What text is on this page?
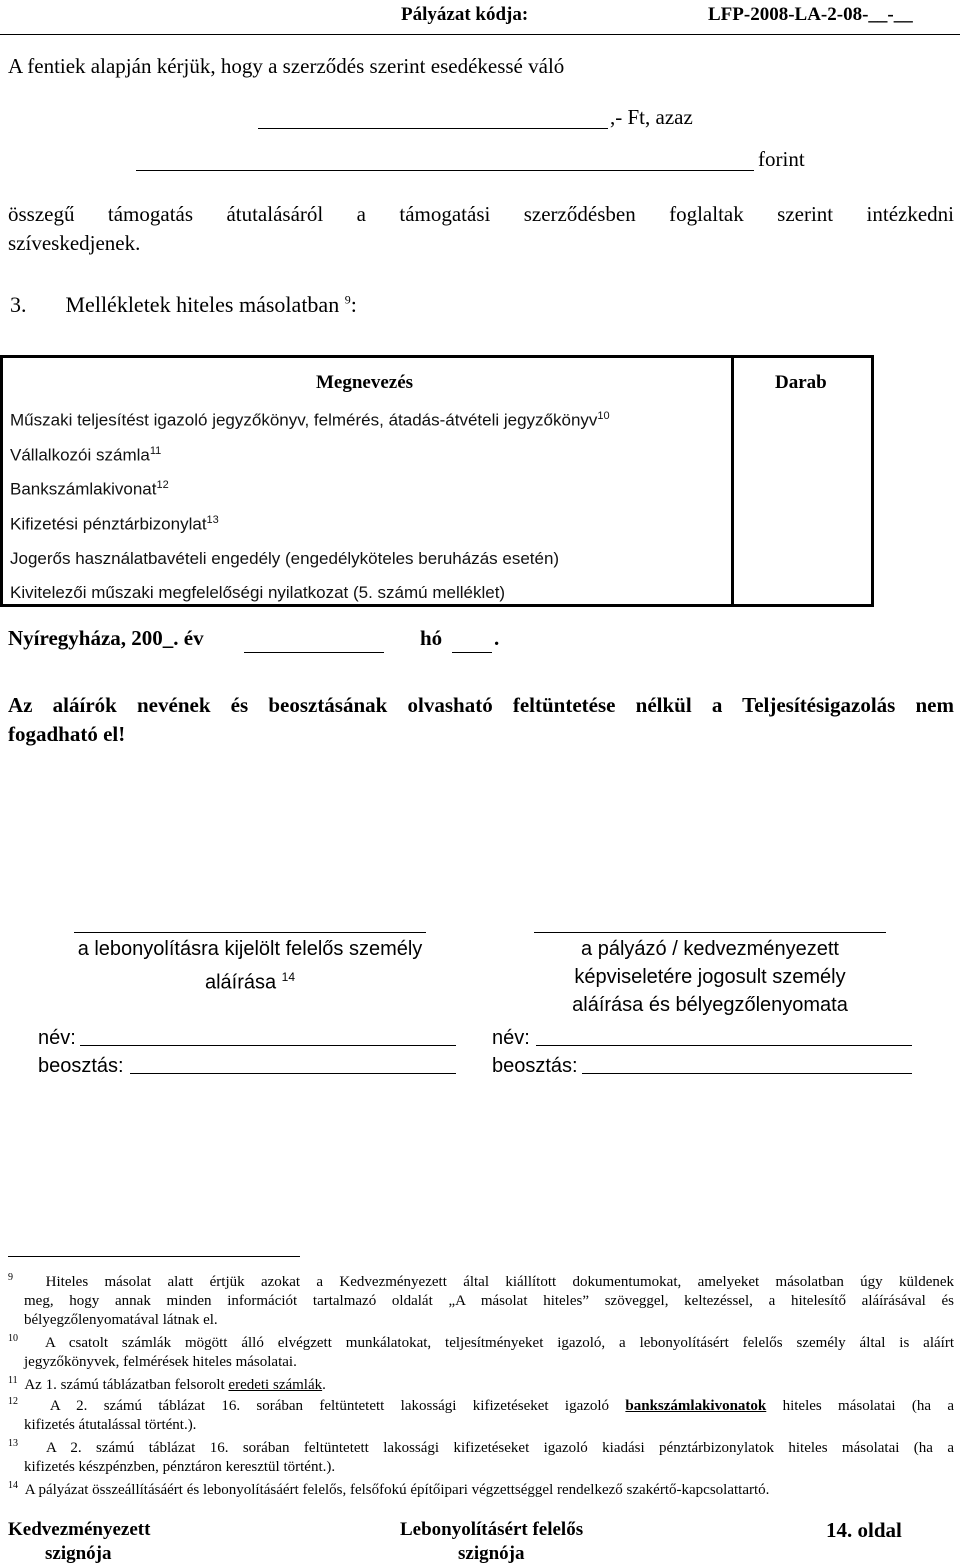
Pályázat kódja:	LFP-2008-LA-2-08-__-__
A fentiek alapján kérjük, hogy a szerződés szerint esedékessé váló
,- Ft, azaz
forint
összegű támogatás átutalásáról a támogatási szerződésben foglaltak szerint intézkedni
szíveskedjenek.
3. Mellékletek hiteles másolatban $^9$:
Megnevezés	Darab
Műszaki teljesítést igazoló jegyzőkönyv, felmérés, átadás-átvételi jegyzőkönyv$^{10}$
Vállalkozói számla$^{11}$
Bankszámlakivonat$^{12}$
Kifizetési pénztárbizonylat$^{13}$
Jogerős használatbavételi engedély (engedélyköteles beruházás esetén)
Kivitelezői műszaki megfelelőségi nyilatkozat (5. számú melléklet)
Nyíregyháza, 200_. év	hó .
Az aláírók nevének és beosztásának olvasható feltüntetése nélkül a Teljesítésigazolás nem
fogadható el!
a lebonyolításra kijelölt felelős személy
aláírása $^{14}$
név:
beosztás:
a pályázó / kedvezményezett
képviseletére jogosult személy
aláírása és bélyegzőlenyomata
név:
beosztás:
$^9$ Hiteles másolat alatt értjük azokat a Kedvezményezett által kiállított dokumentumokat, amelyeket másolatban úgy küldenek
meg, hogy annak minden információt tartalmazó oldalát „A másolat hiteles” szöveggel, keltezéssel, a hitelesítő aláírásával és
bélyegzőlenyomatával látnak el.
$^{10}$ A csatolt számlák mögött álló elvégzett munkálatokat, teljesítményeket igazoló, a lebonyolításért felelős személy által is aláírt
jegyzőkönyvek, felmérések hiteles másolatai.
$^{11}$ Az 1. számú táblázatban felsorolt eredeti számlák.
$^{12}$ A 2. számú táblázat 16. sorában feltüntetett lakossági kifizetéseket igazoló bankszámlakivonatok hiteles másolatai (ha a
kifizetés átutalással történt.).
$^{13}$ A 2. számú táblázat 16. sorában feltüntetett lakossági kifizetéseket igazoló kiadási pénztárbizonylatok hiteles másolatai (ha a
kifizetés készpénzben, pénztáron keresztül történt.).
$^{14}$ A pályázat összeállításáért és lebonyolításáért felelős, felsőfokú építőipari végzettséggel rendelkező szakértő-kapcsolattartó.
Kedvezményezett
szignója
Lebonyolításért felelős
szignója
14. oldal
